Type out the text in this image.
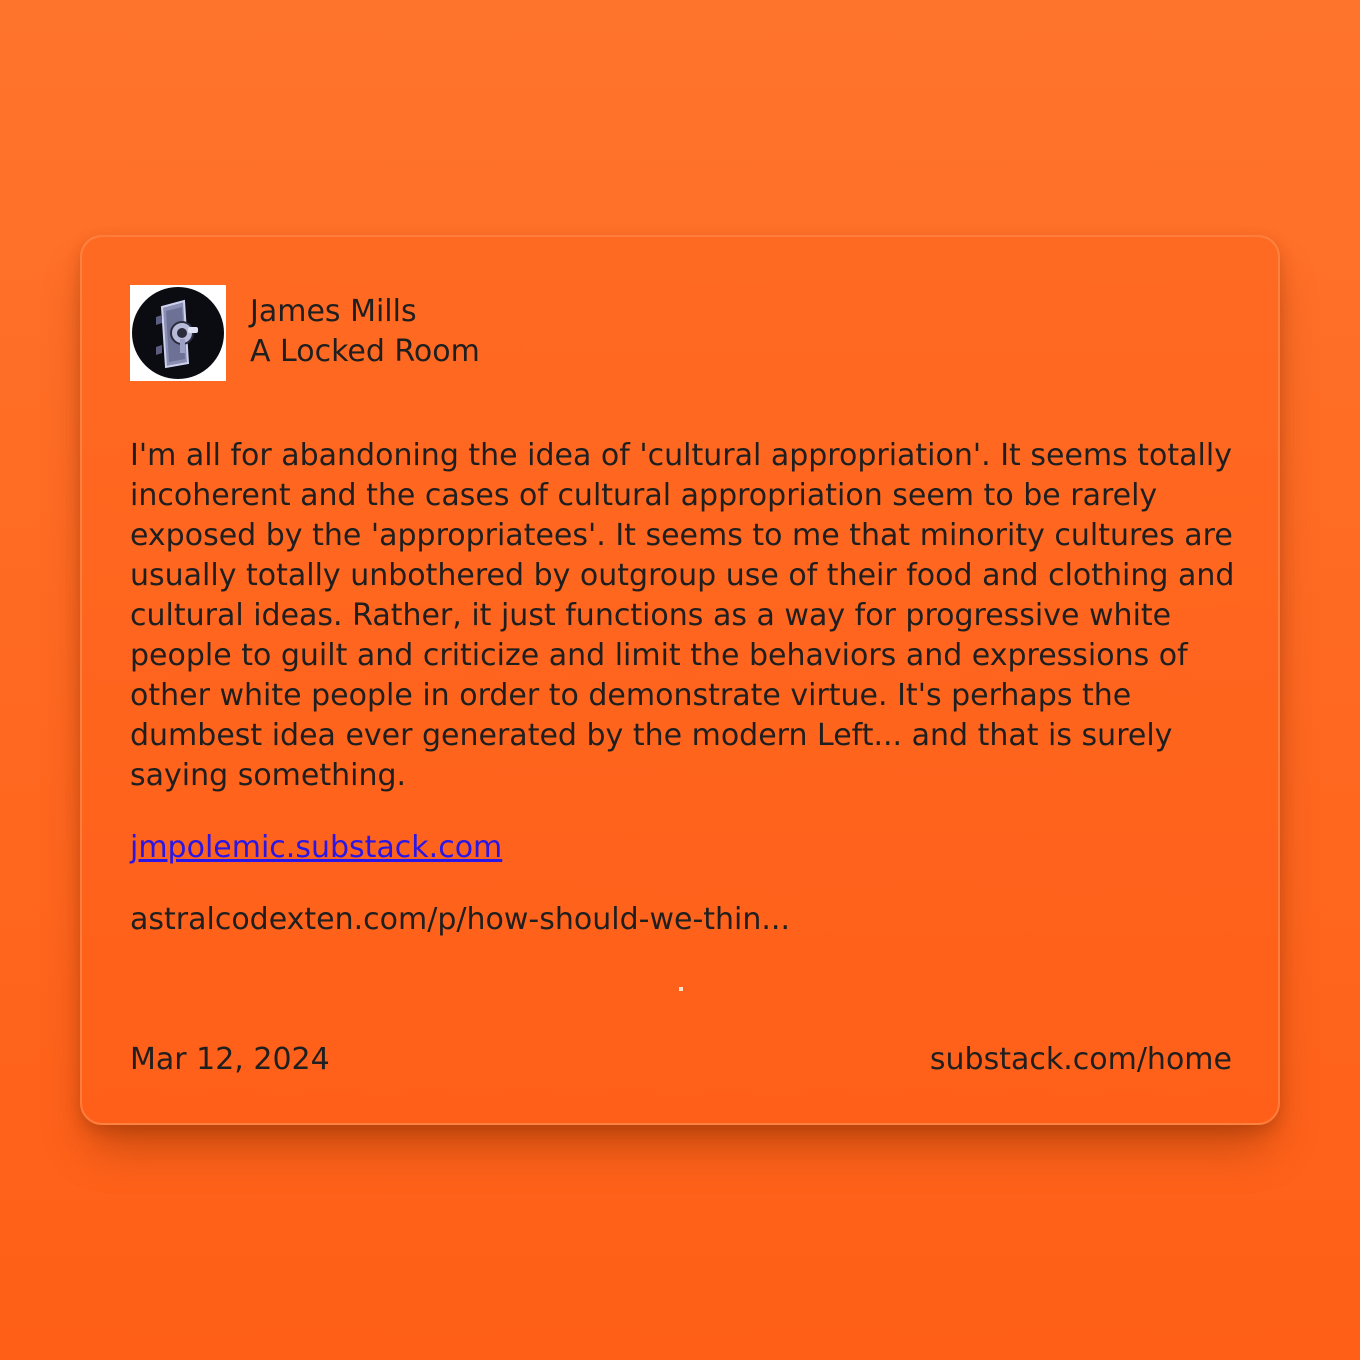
James Mills
A Locked Room
I'm all for abandoning the idea of 'cultural appropriation'. It seems totally incoherent and the cases of cultural appropriation seem to be rarely exposed by the 'appropriatees'. It seems to me that minority cultures are usually totally unbothered by outgroup use of their food and clothing and cultural ideas. Rather, it just functions as a way for progressive white people to guilt and criticize and limit the behaviors and expressions of other white people in order to demonstrate virtue. It's perhaps the dumbest idea ever generated by the modern Left... and that is surely saying something.
jmpolemic.substack.com
astralcodexten.com/p/how-should-we-thin...
Mar 12, 2024	substack.com/home
